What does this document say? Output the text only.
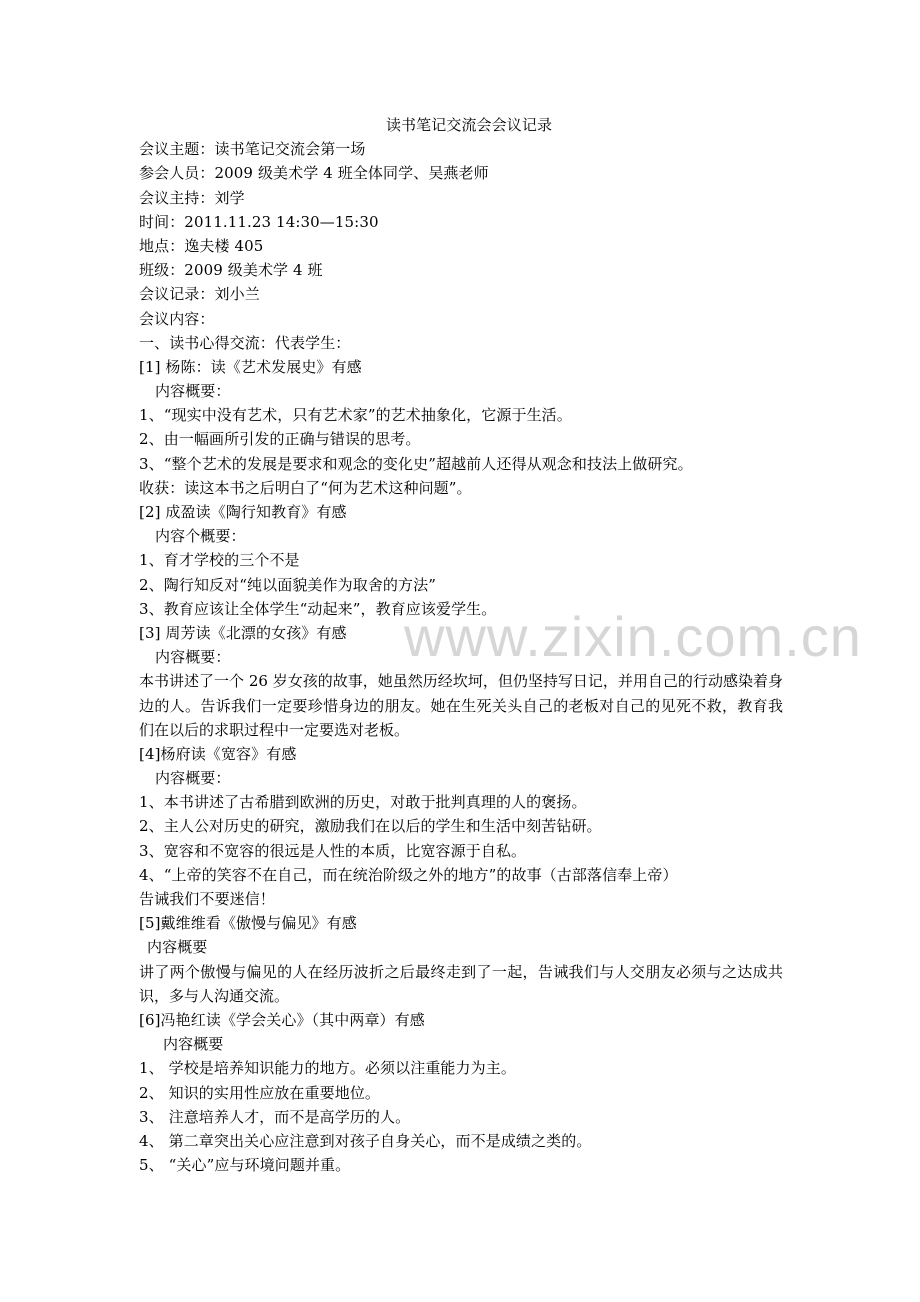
www.zixin.com.cn
读书笔记交流会会议记录
会议主题：读书笔记交流会第一场
参会人员：2009 级美术学 4 班全体同学、吴燕老师
会议主持：刘学
时间：2011.11.23 14:30—15:30
地点：逸夫楼 405
班级：2009 级美术学 4 班
会议记录：刘小兰
会议内容：
一、读书心得交流：代表学生：
[1] 杨陈：读《艺术发展史》有感
内容概要：
1、“现实中没有艺术，只有艺术家”的艺术抽象化，它源于生活。
2、由一幅画所引发的正确与错误的思考。
3、“整个艺术的发展是要求和观念的变化史”超越前人还得从观念和技法上做研究。
收获：读这本书之后明白了“何为艺术这种问题”。
[2] 成盈读《陶行知教育》有感
内容个概要：
1、育才学校的三个不是
2、陶行知反对“纯以面貌美作为取舍的方法”
3、教育应该让全体学生“动起来”，教育应该爱学生。
[3] 周芳读《北漂的女孩》有感
内容概要：
本书讲述了一个 26 岁女孩的故事，她虽然历经坎坷，但仍坚持写日记，并用自己的行动感染着身边的人。告诉我们一定要珍惜身边的朋友。她在生死关头自己的老板对自己的见死不救，教育我们在以后的求职过程中一定要选对老板。
[4]杨府读《宽容》有感
内容概要：
1、本书讲述了古希腊到欧洲的历史，对敢于批判真理的人的褒扬。
2、主人公对历史的研究，激励我们在以后的学生和生活中刻苦钻研。
3、宽容和不宽容的很远是人性的本质，比宽容源于自私。
4、“上帝的笑容不在自己，而在统治阶级之外的地方”的故事（古部落信奉上帝）
告诫我们不要迷信！
[5]戴维维看《傲慢与偏见》有感
内容概要
讲了两个傲慢与偏见的人在经历波折之后最终走到了一起，告诫我们与人交朋友必须与之达成共识，多与人沟通交流。
[6]冯艳红读《学会关心》（其中两章）有感
内容概要
1、 学校是培养知识能力的地方。必须以注重能力为主。
2、 知识的实用性应放在重要地位。
3、 注意培养人才，而不是高学历的人。
4、 第二章突出关心应注意到对孩子自身关心，而不是成绩之类的。
5、 “关心”应与环境问题并重。
